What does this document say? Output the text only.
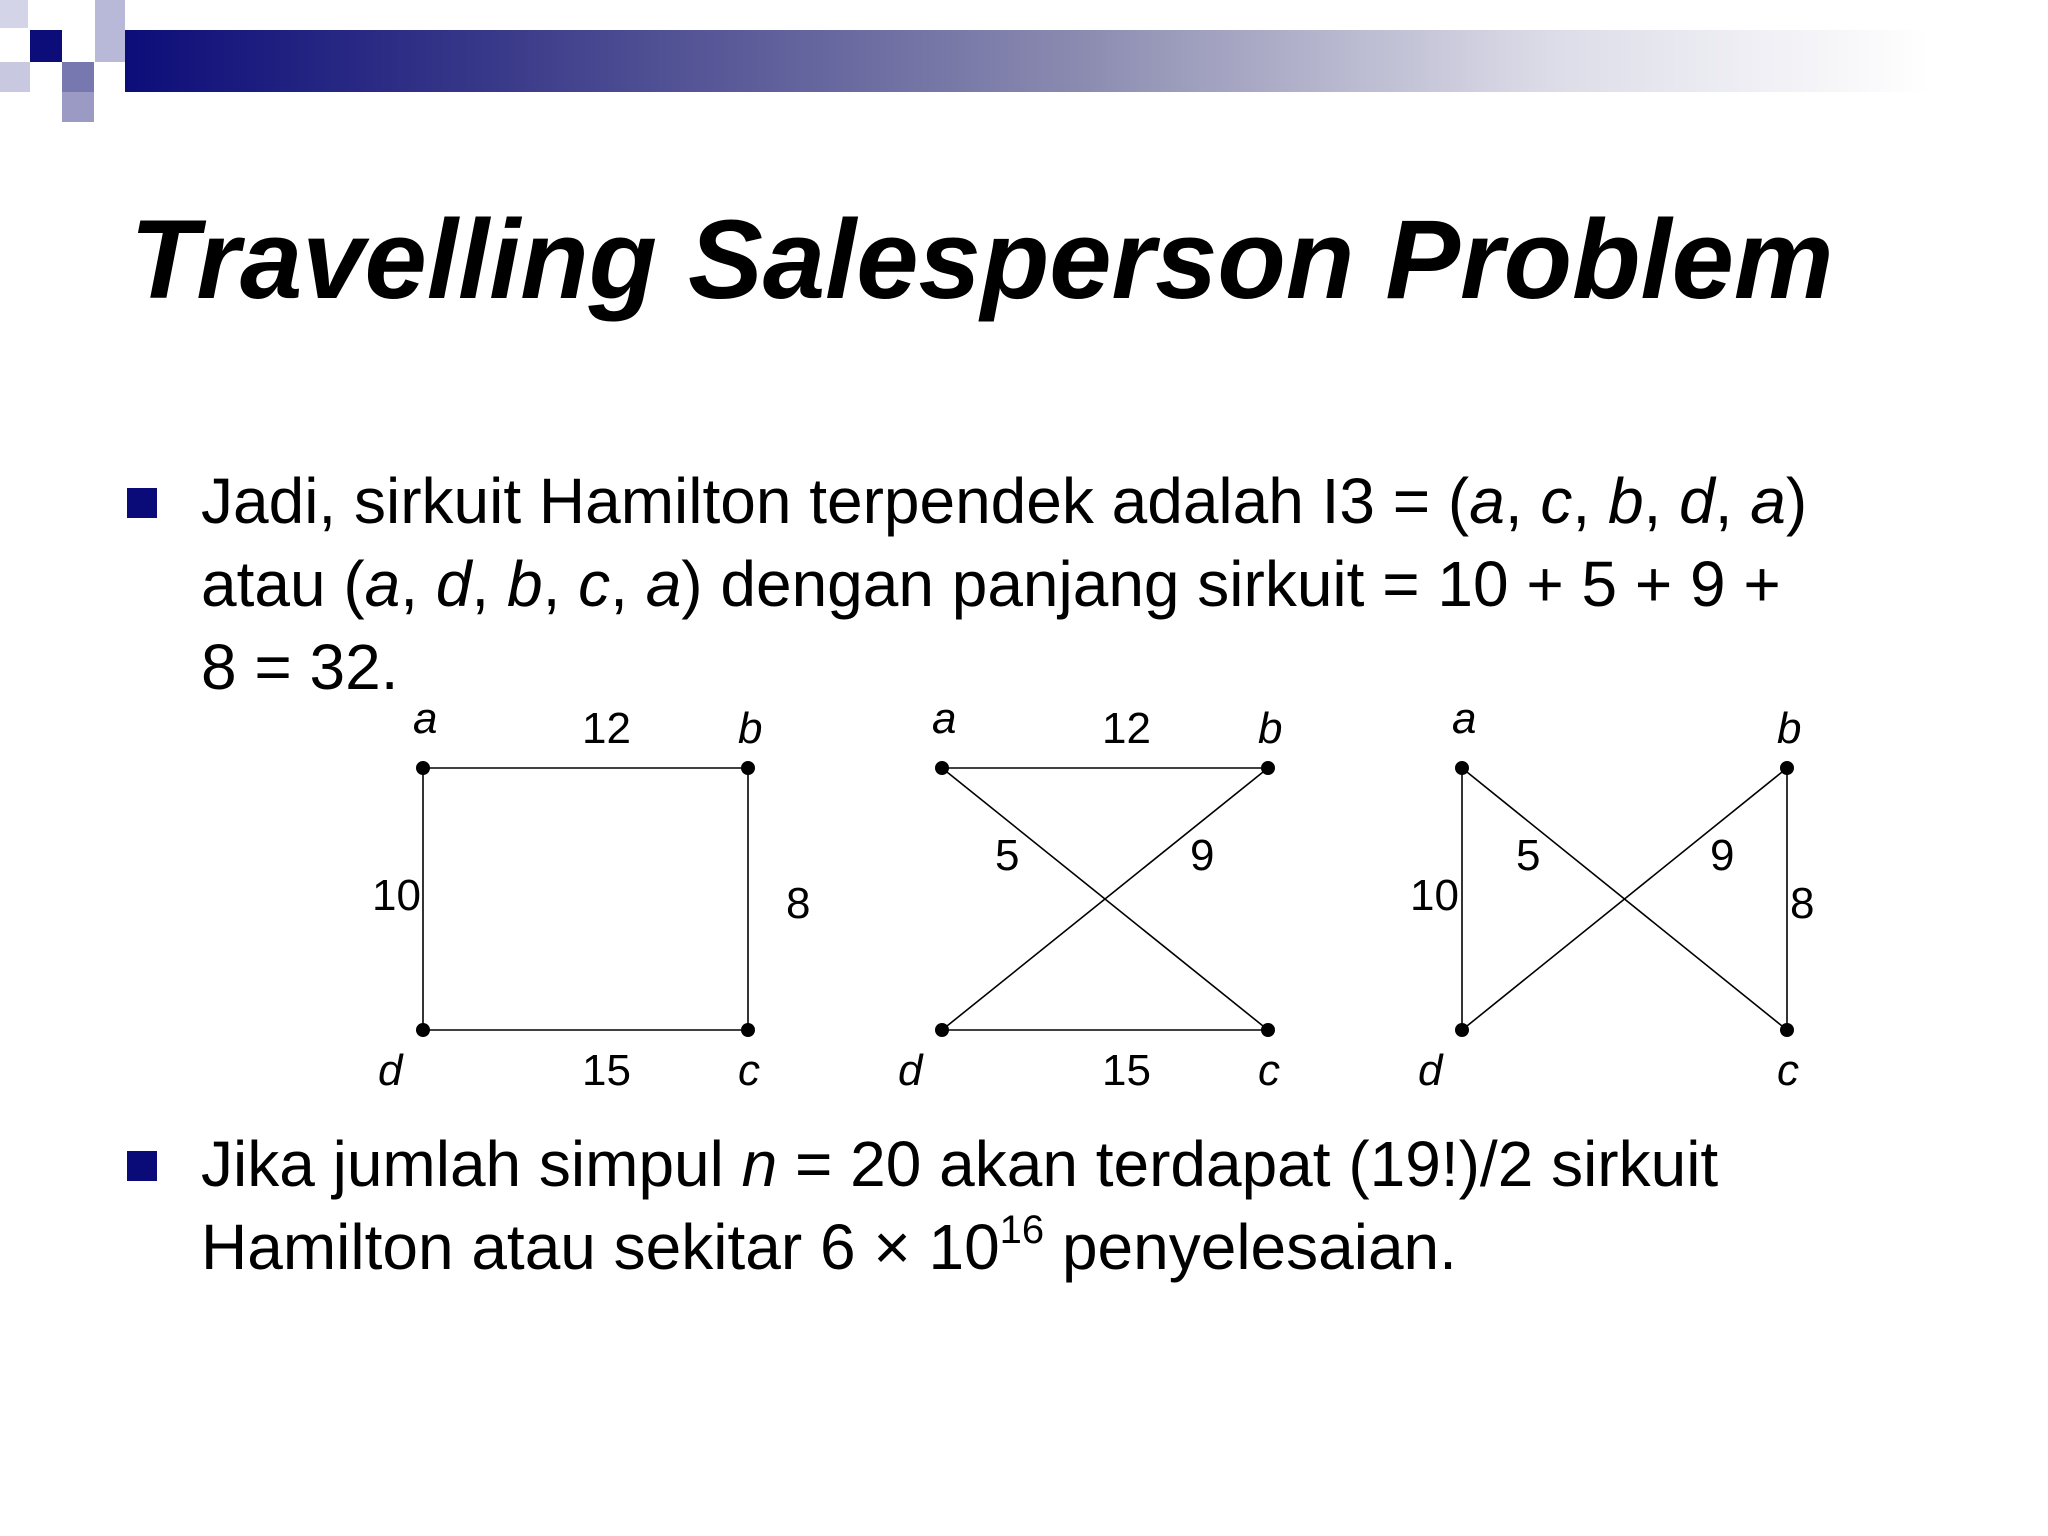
Travelling Salesperson Problem

Jadi, sirkuit Hamilton terpendek adalah I3 = (a, c, b, d, a)
atau (a, d, b, c, a) dengan panjang sirkuit = 10 + 5 + 9 +
8 = 32.

a	b
c
d
12
10	8
15
a	b
c
d
12
5	9
15
a	b
c
d
10
5	9
8

Jika jumlah simpul n = 20 akan terdapat (19!)/2 sirkuit
Hamilton atau sekitar $6 \times 10^{16}$ penyelesaian.
